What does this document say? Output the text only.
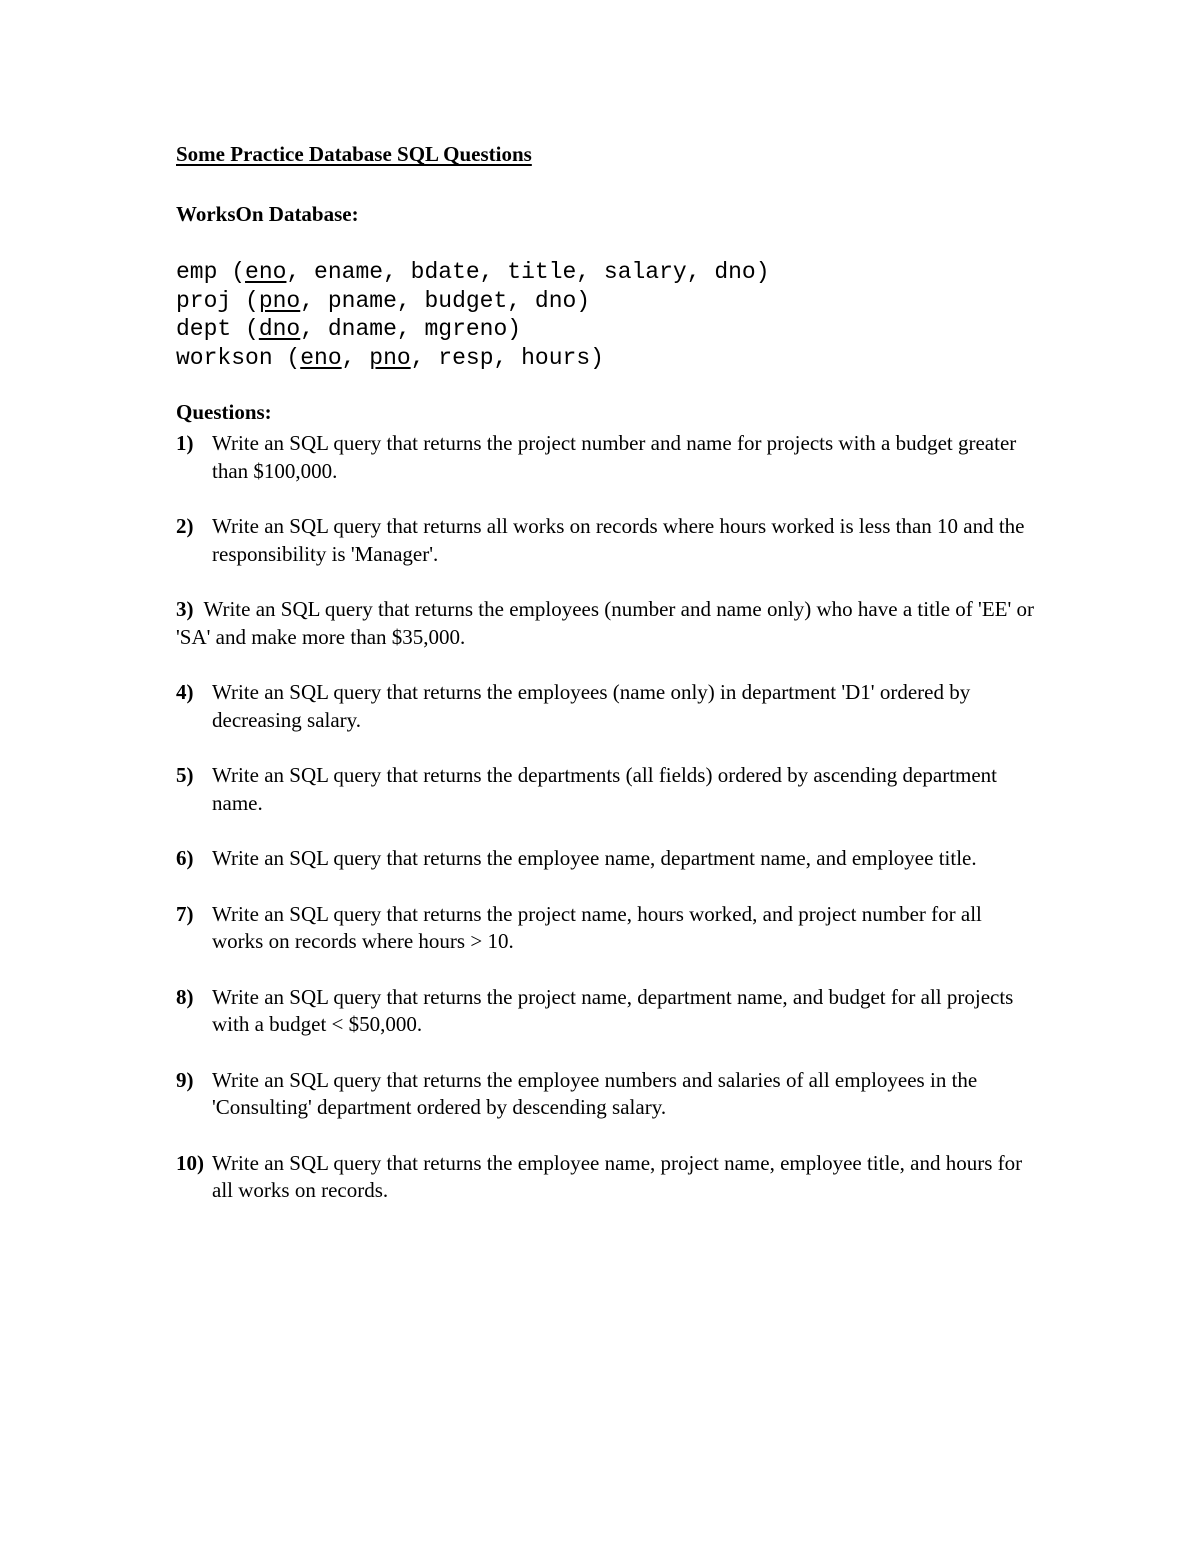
Some Practice Database SQL Questions
WorksOn Database:
emp (eno, ename, bdate, title, salary, dno)
proj (pno, pname, budget, dno)
dept (dno, dname, mgreno)
workson (eno, pno, resp, hours)
Questions:
1) Write an SQL query that returns the project number and name for projects with a budget greater than $100,000.
2) Write an SQL query that returns all works on records where hours worked is less than 10 and the responsibility is 'Manager'.
3) Write an SQL query that returns the employees (number and name only) who have a title of 'EE' or 'SA' and make more than $35,000.
4) Write an SQL query that returns the employees (name only) in department 'D1' ordered by decreasing salary.
5) Write an SQL query that returns the departments (all fields) ordered by ascending department name.
6) Write an SQL query that returns the employee name, department name, and employee title.
7) Write an SQL query that returns the project name, hours worked, and project number for all works on records where hours > 10.
8) Write an SQL query that returns the project name, department name, and budget for all projects with a budget < $50,000.
9) Write an SQL query that returns the employee numbers and salaries of all employees in the 'Consulting' department ordered by descending salary.
10) Write an SQL query that returns the employee name, project name, employee title, and hours for all works on records.
